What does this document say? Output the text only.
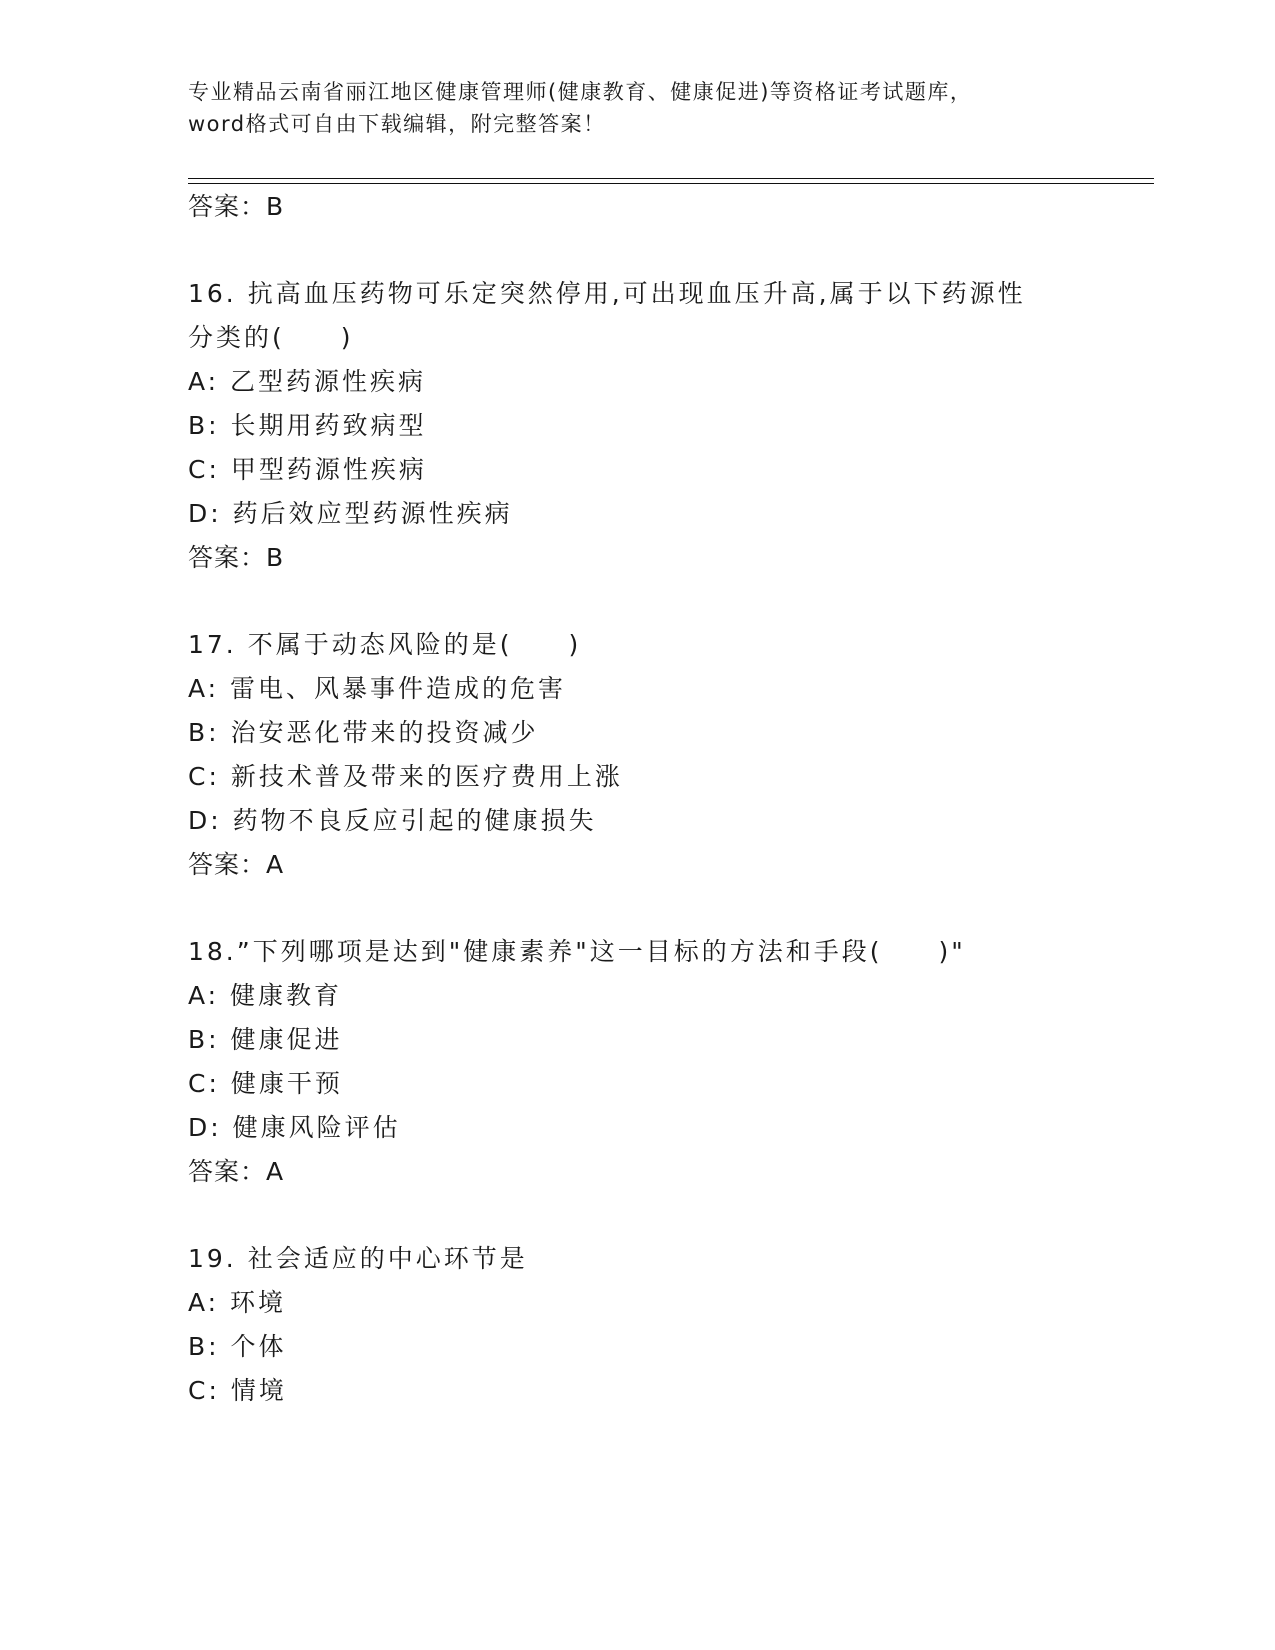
专业精品云南省丽江地区健康管理师(健康教育、健康促进)等资格证考试题库，
word格式可自由下载编辑，附完整答案！
答案：B
16. 抗高血压药物可乐定突然停用,可出现血压升高,属于以下药源性
分类的(　　)
A: 乙型药源性疾病
B: 长期用药致病型
C: 甲型药源性疾病
D: 药后效应型药源性疾病
答案：B
17. 不属于动态风险的是(　　)
A: 雷电、风暴事件造成的危害
B: 治安恶化带来的投资减少
C: 新技术普及带来的医疗费用上涨
D: 药物不良反应引起的健康损失
答案：A
18.”下列哪项是达到"健康素养"这一目标的方法和手段(　　)"
A: 健康教育
B: 健康促进
C: 健康干预
D: 健康风险评估
答案：A
19. 社会适应的中心环节是
A: 环境
B: 个体
C: 情境
